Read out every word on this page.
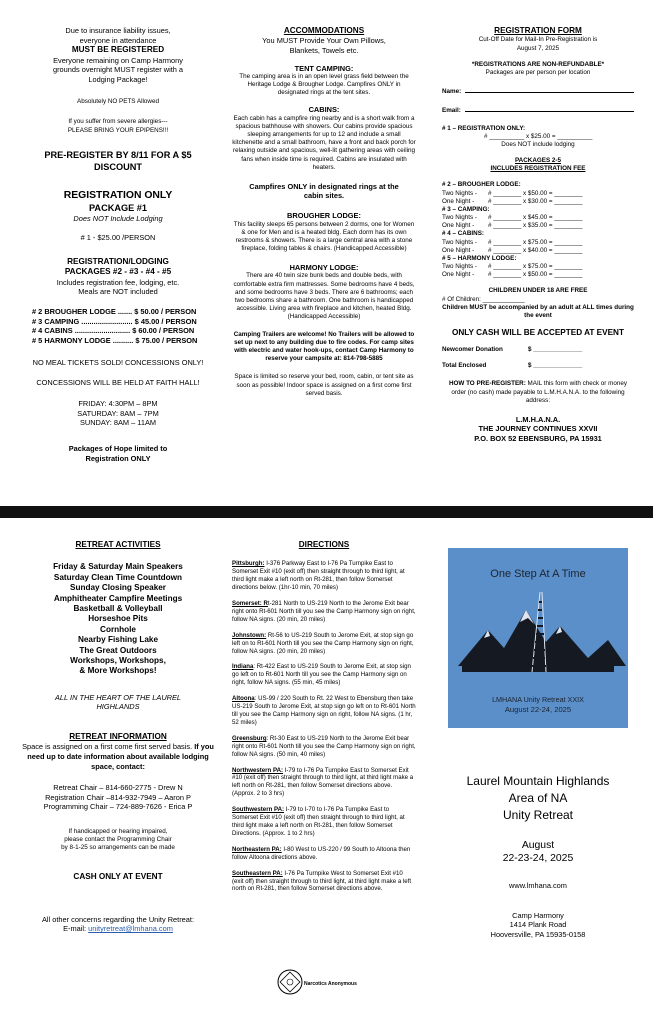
Due to insurance liability issues,
everyone in attendance
MUST BE REGISTERED
Everyone remaining on Camp Harmony
grounds overnight MUST register with a
Lodging Package!
Absolutely NO PETS Allowed
If you suffer from severe allergies---
PLEASE BRING YOUR EPIPENS!!!
PRE-REGISTER BY 8/11 FOR A $5
DISCOUNT
REGISTRATION ONLY
PACKAGE #1
Does NOT Include Lodging
# 1 - $25.00 /PERSON
REGISTRATION/LODGING
PACKAGES #2 - #3 - #4 - #5
Includes registration fee, lodging, etc.
Meals are NOT included
# 2 BROUGHER LODGE ....... $ 50.00 / PERSON
# 3 CAMPING ......................... $ 45.00 / PERSON
# 4 CABINS ........................... $ 60.00 / PERSON
# 5 HARMONY LODGE .......... $ 75.00 / PERSON
NO MEAL TICKETS SOLD! CONCESSIONS ONLY!
CONCESSIONS WILL BE HELD AT FAITH HALL!
FRIDAY: 4:30PM – 8PM
SATURDAY: 8AM – 7PM
SUNDAY: 8AM – 11AM
Packages of Hope limited to
Registration ONLY
ACCOMMODATIONS
You MUST Provide Your Own Pillows,
Blankets, Towels etc.
TENT CAMPING:
The camping area is in an open level grass field between the Heritage Lodge & Brougher Lodge. Campfires ONLY in designated rings at the tent sites.
CABINS:
Each cabin has a campfire ring nearby and is a short walk from a spacious bathhouse with showers. Our cabins provide spacious sleeping arrangements for up to 12 and include a small kitchenette and a small bathroom, have a front and back porch for relaxing outside and spacious, well-lit gathering areas with ceiling fans when inside time is required. Cabins are insulated with heaters.
Campfires ONLY in designated rings at the
cabin sites.
BROUGHER LODGE:
This facility sleeps 65 persons between 2 dorms, one for Women & one for Men and is a heated bldg. Each dorm has its own restrooms & showers. There is a large central area with a stone fireplace, folding tables & chairs. (Handicapped Accessible)
HARMONY LODGE:
There are 40 twin size bunk beds and double beds, with comfortable extra firm mattresses. Some bedrooms have 4 beds, and some bedrooms have 3 beds. There are 6 bathrooms; each two bedrooms share a bathroom. One bathroom is handicapped accessible. Living area with fireplace and kitchen, heated Bldg. (Handicapped Accessible)
Camping Trailers are welcome! No Trailers will be allowed to set up next to any building due to fire codes. For camp sites with electric and water hook-ups, contact Camp Harmony to reserve your campsite at: 814-798-5885
Space is limited so reserve your bed, room, cabin, or tent site as soon as possible! Indoor space is assigned on a first come first served basis.
REGISTRATION FORM
Cut-Off Date for Mail-In Pre-Registration is
August 7, 2025
*REGISTRATIONS ARE NON-REFUNDABLE*
Packages are per person per location
Name:
Email:
# 1 – REGISTRATION ONLY:
# __________ x $25.00 = __________
Does NOT include lodging
PACKAGES 2-5
INCLUDES REGISTRATION FEE
# 2 – BROUGHER LODGE:
Two Nights -	# ________ x $50.00 = ________
One Night -	# ________ x $30.00 = ________
# 3 – CAMPING:
Two Nights -	# ________ x $45.00 = ________
One Night -	# ________ x $35.00 = ________
# 4 – CABINS:
Two Nights -	# ________ x $75.00 = ________
One Night -	# ________ x $40.00 = ________
# 5 – HARMONY LODGE:
Two Nights -	# ________ x $75.00 = ________
One Night -	# ________ x $50.00 = ________
CHILDREN UNDER 18 ARE FREE
# Of Children: ____________
Children MUST be accompanied by an adult at ALL times during the event
ONLY CASH WILL BE ACCEPTED AT EVENT
Newcomer Donation	$ ______________
Total Enclosed	$ ______________
HOW TO PRE-REGISTER: MAIL this form with check or money order (no cash) made payable to L.M.H.A.N.A. to the following address:
L.M.H.A.N.A.
THE JOURNEY CONTINUES XXVII
P.O. BOX 52 EBENSBURG, PA 15931
RETREAT ACTIVITIES
Friday & Saturday Main Speakers
Saturday Clean Time Countdown
Sunday Closing Speaker
Amphitheater Campfire Meetings
Basketball & Volleyball
Horseshoe Pits
Cornhole
Nearby Fishing Lake
The Great Outdoors
Workshops, Workshops,
& More Workshops!
ALL IN THE HEART OF THE LAUREL
HIGHLANDS
RETREAT INFORMATION
Space is assigned on a first come first served basis. If you need up to date information about available lodging space, contact:
Retreat Chair – 814-660-2775 - Drew N
Registration Chair –814-932-7949 – Aaron P
Programming Chair – 724-889-7626 - Erica P
If handicapped or hearing impaired,
please contact the Programming Chair
by 8-1-25 so arrangements can be made
CASH ONLY AT EVENT
All other concerns regarding the Unity Retreat:
E-mail: unityretreat@lmhana.com
DIRECTIONS
Pittsburgh: I-376 Parkway East to I-76 Pa Turnpike East to Somerset Exit #10 (exit off) then straight through to third light, at third light make a left north on Rt-281, then follow Somerset directions below. (1hr-10 min, 70 miles)
Somerset: Rt-281 North to US-219 North to the Jerome Exit bear right onto Rt-601 North till you see the Camp Harmony sign on right, follow NA signs. (20 min, 20 miles)
Johnstown: Rt-56 to US-219 South to Jerome Exit, at stop sign go left on to Rt-601 North till you see the Camp Harmony sign on right, follow NA signs. (20 min, 20 miles)
Indiana: Rt-422 East to US-219 South to Jerome Exit, at stop sign go left on to Rt-601 North till you see the Camp Harmony sign on right, follow NA signs. (55 min, 45 miles)
Altoona: US-99 / 220 South to Rt. 22 West to Ebensburg then take US-219 South to Jerome Exit, at stop sign go left on to Rt-601 North till you see the Camp Harmony sign on right, follow NA signs. (1 hr, 52 miles)
Greensburg: Rt-30 East to US-219 North to the Jerome Exit bear right onto Rt-601 North till you see the Camp Harmony sign on right, follow NA signs. (50 min, 40 miles)
Northwestern PA: I-79 to I-76 Pa Turnpike East to Somerset Exit #10 (exit off) then straight through to third light, at third light make a left north on Rt-281, then follow Somerset directions above. (Approx. 2 to 3 hrs)
Southwestern PA: I-79 to I-70 to I-76 Pa Turnpike East to Somerset Exit #10 (exit off) then straight through to third light, at third light make a left north on Rt-281, then follow Somerset Directions. (Approx. 1 to 2 hrs)
Northeastern PA: I-80 West to US-220 / 99 South to Altoona then follow Altoona directions above.
Southeastern PA: I-76 Pa Turnpike West to Somerset Exit #10 (exit off) then straight through to third light, at third light make a left north on Rt-281, then follow Somerset directions above.
Narcotics Anonymous
One Step At A Time
LMHANA Unity Retreat XXIX
August 22-24, 2025
Laurel Mountain Highlands
Area of NA
Unity Retreat
August
22-23-24, 2025
www.lmhana.com
Camp Harmony
1414 Plank Road
Hooversville, PA 15935-0158
